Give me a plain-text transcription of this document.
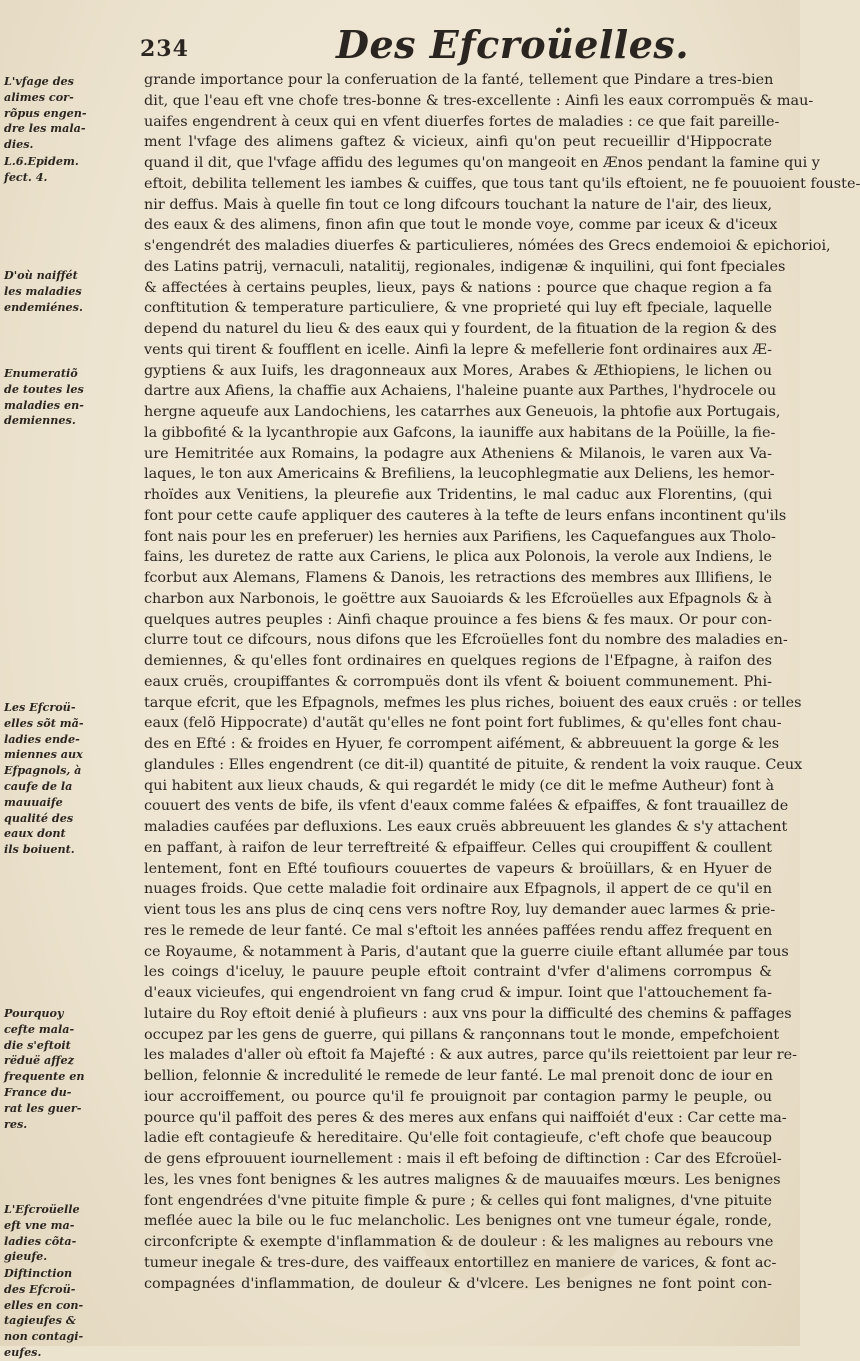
234	Des Efcroüelles.
L'vfage des
alimes cor-
rõpus engen-
dre les mala-
dies.
L.6.Epidem.
fect. 4.
D'où naiffét
les maladies
endemiénes.
Enumeratiõ
de toutes les
maladies en-
demiennes.
Les Efcroü-
elles sõt mã-
ladies ende-
miennes aux
Efpagnols, à
caufe de la
mauuaife
qualité des
eaux dont
ils boiuent.
Pourquoy
cefte mala-
die s'eftoit
rëduë affez
frequente en
France du-
rat les guer-
res.
L'Efcroüelle
eft vne ma-
ladies cõta-
gieufe.
Diftinction
des Efcroü-
elles en con-
tagieufes &
non contagi-
eufes.
grande importance pour la conferuation de la fanté, tellement que Pindare a tres-bien
dit, que l'eau eft vne chofe tres-bonne & tres-excellente : Ainfi les eaux corrompuës & mau-
uaifes engendrent à ceux qui en vfent diuerfes fortes de maladies : ce que fait pareille-
ment l'vfage des alimens gaftez & vicieux, ainfi qu'on peut recueillir d'Hippocrate
quand il dit, que l'vfage affidu des legumes qu'on mangeoit en Ænos pendant la famine qui y
eftoit, debilita tellement les iambes & cuiffes, que tous tant qu'ils eftoient, ne fe pouuoient fouste-
nir deffus. Mais à quelle fin tout ce long difcours touchant la nature de l'air, des lieux,
des eaux & des alimens, finon afin que tout le monde voye, comme par iceux & d'iceux
s'engendrét des maladies diuerfes & particulieres, nómées des Grecs endemoioi & epichorioi,
des Latins patrij, vernaculi, natalitij, regionales, indigenæ & inquilini, qui font fpeciales
& affectées à certains peuples, lieux, pays & nations : pource que chaque region a fa
conftitution & temperature particuliere, & vne proprieté qui luy eft fpeciale, laquelle
depend du naturel du lieu & des eaux qui y fourdent, de la fituation de la region & des
vents qui tirent & foufflent en icelle. Ainfi la lepre & mefellerie font ordinaires aux Æ-
gyptiens & aux Iuifs, les dragonneaux aux Mores, Arabes & Æthiopiens, le lichen ou
dartre aux Afiens, la chaffie aux Achaiens, l'haleine puante aux Parthes, l'hydrocele ou
hergne aqueufe aux Landochiens, les catarrhes aux Geneuois, la phtofie aux Portugais,
la gibbofité & la lycanthropie aux Gafcons, la iauniffe aux habitans de la Poüille, la fie-
ure Hemitritée aux Romains, la podagre aux Atheniens & Milanois, le varen aux Va-
laques, le ton aux Americains & Brefiliens, la leucophlegmatie aux Deliens, les hemor-
rhoïdes aux Venitiens, la pleurefie aux Tridentins, le mal caduc aux Florentins, (qui
font pour cette caufe appliquer des cauteres à la tefte de leurs enfans incontinent qu'ils
font nais pour les en preferuer) les hernies aux Parifiens, les Caquefangues aux Tholo-
fains, les duretez de ratte aux Cariens, le plica aux Polonois, la verole aux Indiens, le
fcorbut aux Alemans, Flamens & Danois, les retractions des membres aux Illifiens, le
charbon aux Narbonois, le goëttre aux Sauoiards & les Efcroüelles aux Efpagnols & à
quelques autres peuples : Ainfi chaque prouince a fes biens & fes maux. Or pour con-
clurre tout ce difcours, nous difons que les Efcroüelles font du nombre des maladies en-
demiennes, & qu'elles font ordinaires en quelques regions de l'Efpagne, à raifon des
eaux cruës, croupiffantes & corrompuës dont ils vfent & boiuent communement. Phi-
tarque efcrit, que les Efpagnols, mefmes les plus riches, boiuent des eaux cruës : or telles
eaux (felõ Hippocrate) d'autãt qu'elles ne font point fort fublimes, & qu'elles font chau-
des en Efté : & froides en Hyuer, fe corrompent aifément, & abbreuuent la gorge & les
glandules : Elles engendrent (ce dit-il) quantité de pituite, & rendent la voix rauque. Ceux
qui habitent aux lieux chauds, & qui regardét le midy (ce dit le mefme Autheur) font à
couuert des vents de bife, ils vfent d'eaux comme falées & efpaiffes, & font trauaillez de
maladies caufées par defluxions. Les eaux cruës abbreuuent les glandes & s'y attachent
en paffant, à raifon de leur terreftreité & efpaiffeur. Celles qui croupiffent & coullent
lentement, font en Efté toufiours couuertes de vapeurs & broüillars, & en Hyuer de
nuages froids. Que cette maladie foit ordinaire aux Efpagnols, il appert de ce qu'il en
vient tous les ans plus de cinq cens vers noftre Roy, luy demander auec larmes & prie-
res le remede de leur fanté. Ce mal s'eftoit les années paffées rendu affez frequent en
ce Royaume, & notamment à Paris, d'autant que la guerre ciuile eftant allumée par tous
les coings d'iceluy, le pauure peuple eftoit contraint d'vfer d'alimens corrompus &
d'eaux vicieufes, qui engendroient vn fang crud & impur. Ioint que l'attouchement fa-
lutaire du Roy eftoit denié à plufieurs : aux vns pour la difficulté des chemins & paffages
occupez par les gens de guerre, qui pillans & rançonnans tout le monde, empefchoient
les malades d'aller où eftoit fa Majefté : & aux autres, parce qu'ils reiettoient par leur re-
bellion, felonnie & incredulité le remede de leur fanté. Le mal prenoit donc de iour en
iour accroiffement, ou pource qu'il fe prouignoit par contagion parmy le peuple, ou
pource qu'il paffoit des peres & des meres aux enfans qui naiffoiét d'eux : Car cette ma-
ladie eft contagieufe & hereditaire. Qu'elle foit contagieufe, c'eft chofe que beaucoup
de gens efprouuent iournellement : mais il eft befoing de diftinction : Car des Efcroüel-
les, les vnes font benignes & les autres malignes & de mauuaifes mœurs. Les benignes
font engendrées d'vne pituite fimple & pure ; & celles qui font malignes, d'vne pituite
meflée auec la bile ou le fuc melancholic. Les benignes ont vne tumeur égale, ronde,
circonfcripte & exempte d'inflammation & de douleur : & les malignes au rebours vne
tumeur inegale & tres-dure, des vaiffeaux entortillez en maniere de varices, & font ac-
compagnées d'inflammation, de douleur & d'vlcere. Les benignes ne font point con-
